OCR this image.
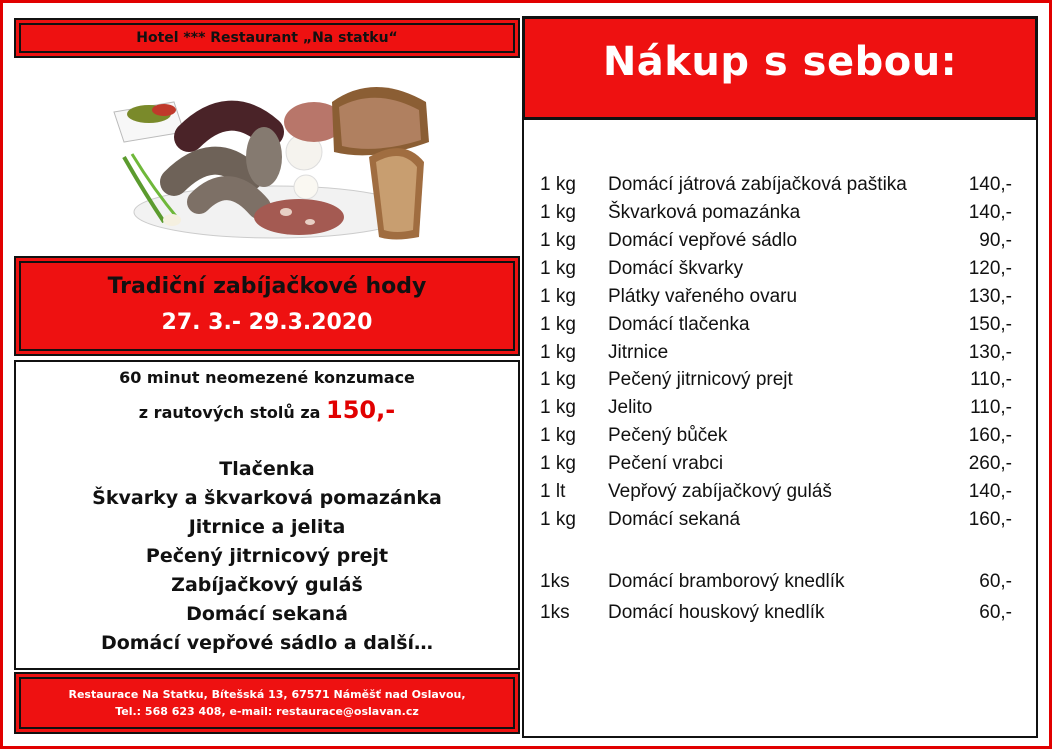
Hotel *** Restaurant „Na statku“
Tradiční zabíjačkové hody
27. 3.- 29.3.2020
60 minut neomezené konzumace
z rautových stolů za 150,-
Tlačenka
Škvarky a škvarková pomazánka
Jitrnice a jelita
Pečený jitrnicový prejt
Zabíjačkový guláš
Domácí sekaná
Domácí vepřové sádlo a další…
Restaurace Na Statku, Bítešská 13, 67571 Náměšť nad Oslavou,
Tel.: 568 623 408, e-mail: restaurace@oslavan.cz
Nákup s sebou:
1 kg Domácí játrová zabíjačková paštika	140,-
1 kg Škvarková pomazánka	140,-
1 kg Domácí vepřové sádlo	90,-
1 kg Domácí škvarky	120,-
1 kg Plátky vařeného ovaru	130,-
1 kg Domácí tlačenka	150,-
1 kg Jitrnice	130,-
1 kg Pečený jitrnicový prejt	110,-
1 kg Jelito	110,-
1 kg Pečený bůček	160,-
1 kg Pečení vrabci	260,-
1 lt Vepřový zabíjačkový guláš	140,-
1 kg Domácí sekaná	160,-
1ks Domácí bramborový knedlík	60,-
1ks Domácí houskový knedlík	60,-
